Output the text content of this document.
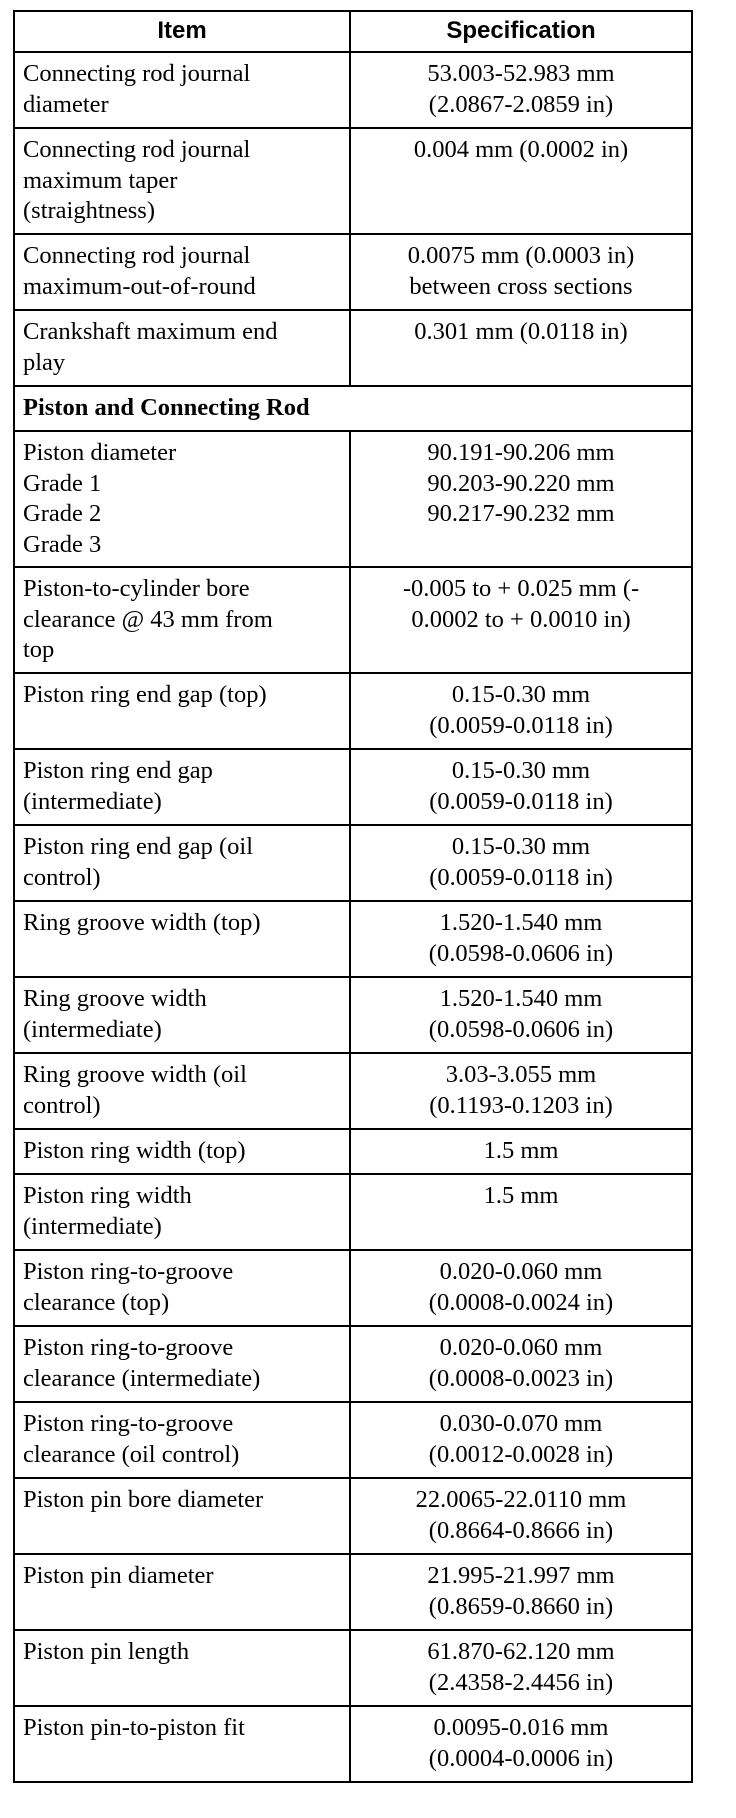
Item	Specification

Connecting rod journal
diameter	53.003-52.983 mm
(2.0867-2.0859 in)

Connecting rod journal
maximum taper
(straightness)	0.004 mm (0.0002 in)

Connecting rod journal
maximum-out-of-round	0.0075 mm (0.0003 in)
between cross sections

Crankshaft maximum end
play	0.301 mm (0.0118 in)

Piston and Connecting Rod	

Piston diameter
Grade 1
Grade 2
Grade 3	90.191-90.206 mm
90.203-90.220 mm
90.217-90.232 mm

Piston-to-cylinder bore
clearance @ 43 mm from
top	-0.005 to + 0.025 mm (-
0.0002 to + 0.0010 in)

Piston ring end gap (top)	0.15-0.30 mm
(0.0059-0.0118 in)

Piston ring end gap
(intermediate)	0.15-0.30 mm
(0.0059-0.0118 in)

Piston ring end gap (oil
control)	0.15-0.30 mm
(0.0059-0.0118 in)

Ring groove width (top)	1.520-1.540 mm
(0.0598-0.0606 in)

Ring groove width
(intermediate)	1.520-1.540 mm
(0.0598-0.0606 in)

Ring groove width (oil
control)	3.03-3.055 mm
(0.1193-0.1203 in)

Piston ring width (top)	1.5 mm

Piston ring width
(intermediate)	1.5 mm

Piston ring-to-groove
clearance (top)	0.020-0.060 mm
(0.0008-0.0024 in)

Piston ring-to-groove
clearance (intermediate)	0.020-0.060 mm
(0.0008-0.0023 in)

Piston ring-to-groove
clearance (oil control)	0.030-0.070 mm
(0.0012-0.0028 in)

Piston pin bore diameter	22.0065-22.0110 mm
(0.8664-0.8666 in)

Piston pin diameter	21.995-21.997 mm
(0.8659-0.8660 in)

Piston pin length	61.870-62.120 mm
(2.4358-2.4456 in)

Piston pin-to-piston fit	0.0095-0.016 mm
(0.0004-0.0006 in)
